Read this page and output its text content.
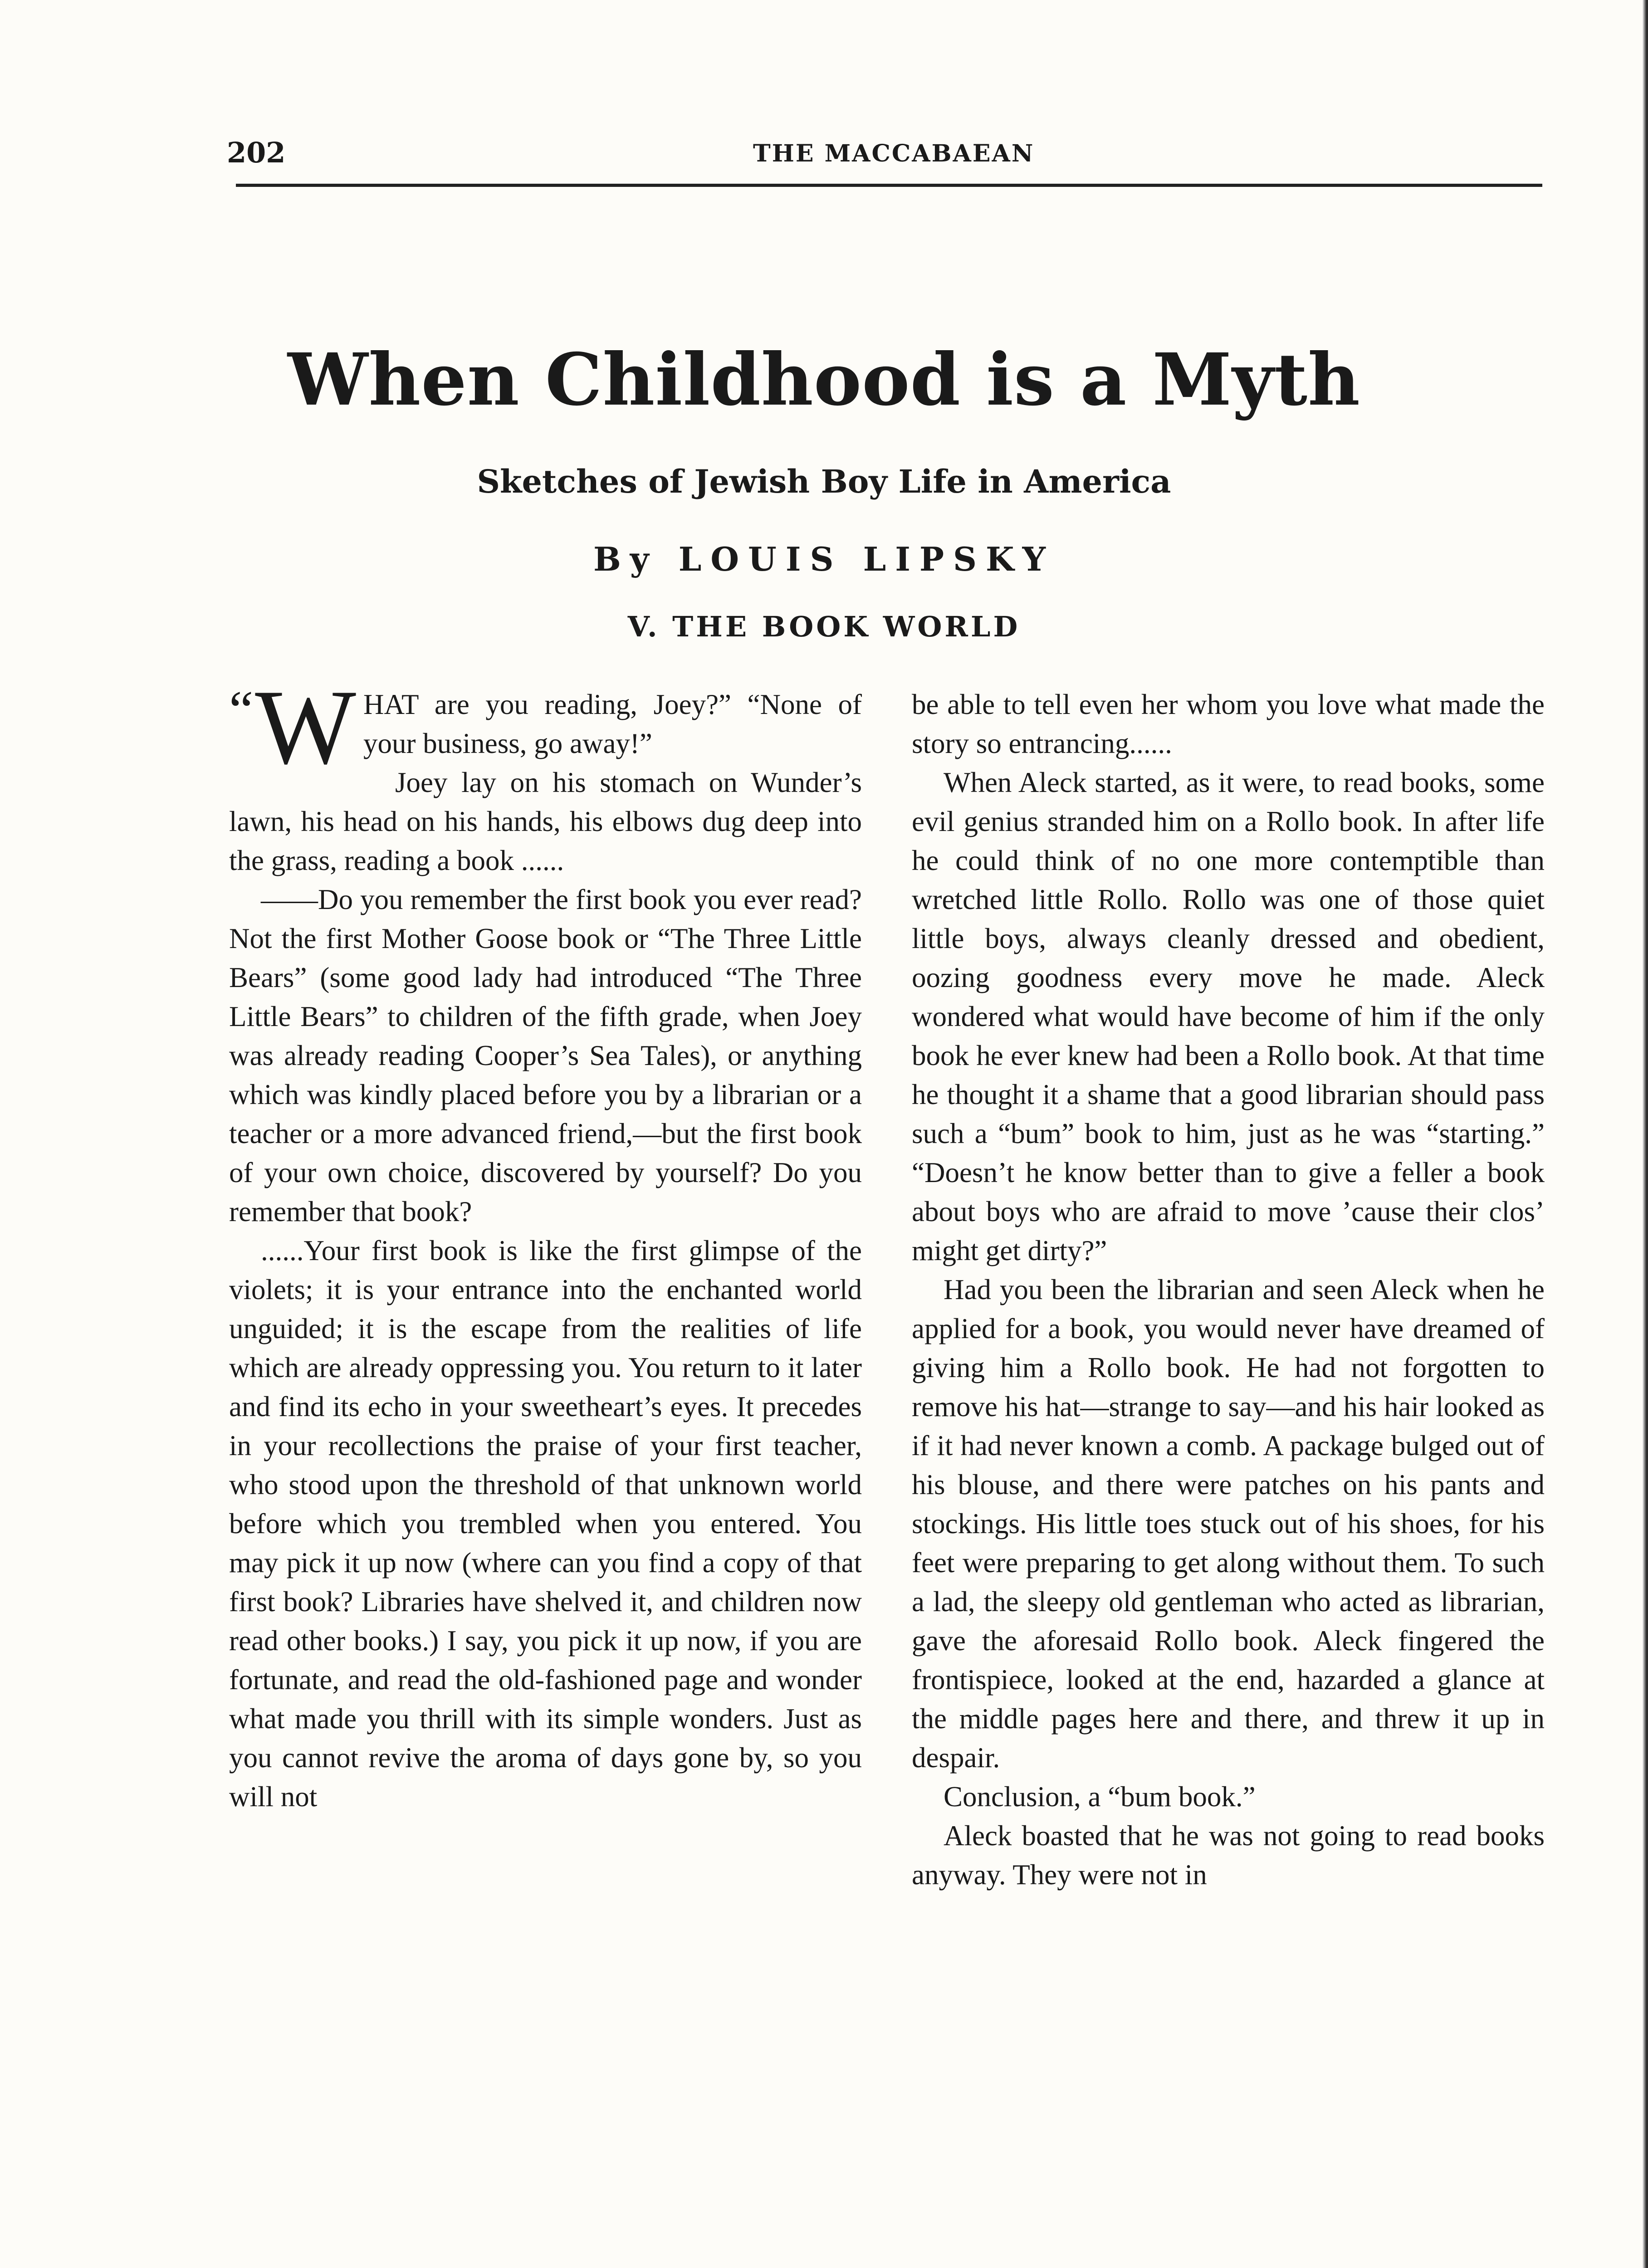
202	THE MACCABAEAN
When Childhood is a Myth
Sketches of Jewish Boy Life in America
By LOUIS LIPSKY
V. THE BOOK WORLD

“ W HAT are you reading, Joey?” “None of your business, go away!”

Joey lay on his stomach on Wunder’s lawn, his head on his hands, his elbows dug deep into the grass, reading a book ......

——Do you remember the first book you ever read? Not the first Mother Goose book or “The Three Little Bears” (some good lady had introduced “The Three Little Bears” to children of the fifth grade, when Joey was already reading Cooper’s Sea Tales), or anything which was kindly placed before you by a librarian or a teacher or a more advanced friend,—but the first book of your own choice, discovered by yourself? Do you remember that book?

......Your first book is like the first glimpse of the violets; it is your entrance into the enchanted world unguided; it is the escape from the realities of life which are already oppressing you. You return to it later and find its echo in your sweetheart’s eyes. It precedes in your recollections the praise of your first teacher, who stood upon the threshold of that unknown world before which you trembled when you entered. You may pick it up now (where can you find a copy of that first book? Libraries have shelved it, and children now read other books.) I say, you pick it up now, if you are fortunate, and read the old-fashioned page and wonder what made you thrill with its simple wonders. Just as you cannot revive the aroma of days gone by, so you will not

be able to tell even her whom you love what made the story so entrancing......

When Aleck started, as it were, to read books, some evil genius stranded him on a Rollo book. In after life he could think of no one more contemptible than wretched little Rollo. Rollo was one of those quiet little boys, always cleanly dressed and obedient, oozing goodness every move he made. Aleck wondered what would have become of him if the only book he ever knew had been a Rollo book. At that time he thought it a shame that a good librarian should pass such a “bum” book to him, just as he was “starting.” “Doesn’t he know better than to give a feller a book about boys who are afraid to move ’cause their clos’ might get dirty?”

Had you been the librarian and seen Aleck when he applied for a book, you would never have dreamed of giving him a Rollo book. He had not forgotten to remove his hat—strange to say—and his hair looked as if it had never known a comb. A package bulged out of his blouse, and there were patches on his pants and stockings. His little toes stuck out of his shoes, for his feet were preparing to get along without them. To such a lad, the sleepy old gentleman who acted as librarian, gave the aforesaid Rollo book. Aleck fingered the frontispiece, looked at the end, hazarded a glance at the middle pages here and there, and threw it up in despair.

Conclusion, a “bum book.”

Aleck boasted that he was not going to read books anyway. They were not in
